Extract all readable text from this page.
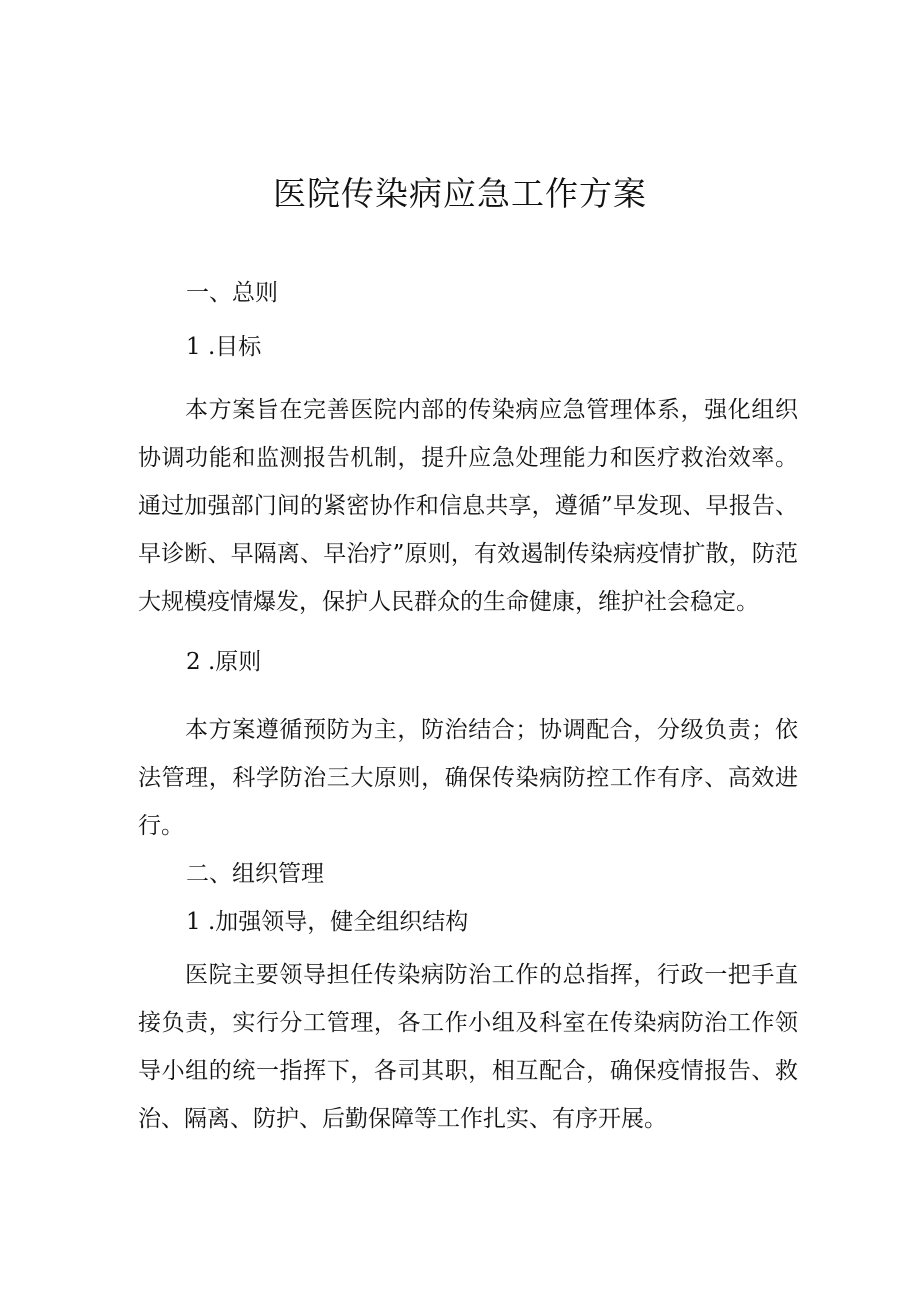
医院传染病应急工作方案
一、总则
1 .目标

本方案旨在完善医院内部的传染病应急管理体系，强化组织协调功能和监测报告机制，提升应急处理能力和医疗救治效率。通过加强部门间的紧密协作和信息共享，遵循”早发现、早报告、早诊断、早隔离、早治疗”原则，有效遏制传染病疫情扩散，防范大规模疫情爆发，保护人民群众的生命健康，维护社会稳定。

2 .原则

本方案遵循预防为主，防治结合；协调配合，分级负责；依法管理，科学防治三大原则，确保传染病防控工作有序、高效进行。

二、组织管理
1 .加强领导，健全组织结构

医院主要领导担任传染病防治工作的总指挥，行政一把手直接负责，实行分工管理，各工作小组及科室在传染病防治工作领导小组的统一指挥下，各司其职，相互配合，确保疫情报告、救治、隔离、防护、后勤保障等工作扎实、有序开展。
